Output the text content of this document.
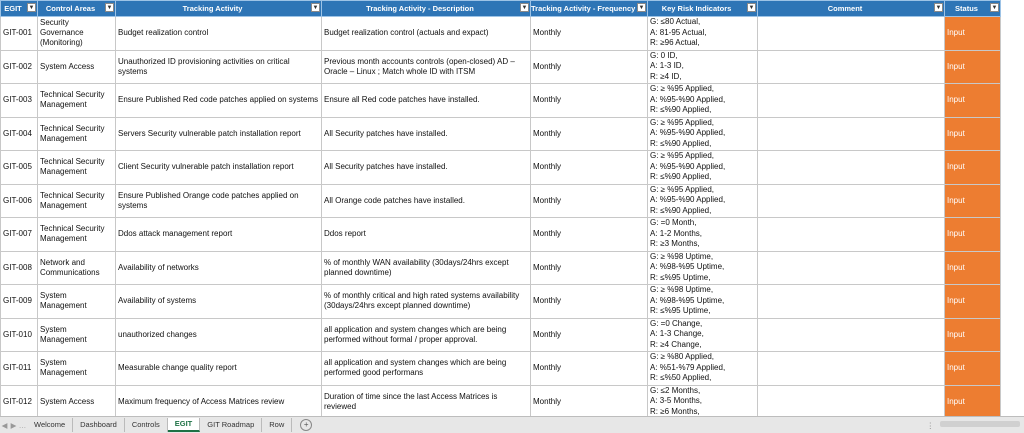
EGIT ▼	Control Areas ▼	Tracking Activity ▼	Tracking Activity - Description ▼	Tracking Activity - Frequency ▼	Key Risk Indicators ▼	Comment ▼	Status ▼

GIT-001	Security Governance (Monitoring)	Budget realization control	Budget realization control (actuals and expact)	Monthly	G: ≤80 Actual,
A: 81-95 Actual,
R: ≥96 Actual,		Input
GIT-002	System Access	Unauthorized ID provisioning activities on critical systems	Previous month accounts controls (open-closed) AD – Oracle – Linux ; Match whole ID with ITSM	Monthly	G: 0 ID,
A: 1-3 ID,
R: ≥4 ID,		Input
GIT-003	Technical Security Management	Ensure Published Red code patches applied on systems	Ensure all Red code patches have installed.	Monthly	G: ≥ %95 Applied,
A: %95-%90 Applied,
R: ≤%90 Applied,		Input
GIT-004	Technical Security Management	Servers Security vulnerable patch installation report	All Security patches have installed.	Monthly	G: ≥ %95 Applied,
A: %95-%90 Applied,
R: ≤%90 Applied,		Input
GIT-005	Technical Security Management	Client Security vulnerable patch installation report	All Security patches have installed.	Monthly	G: ≥ %95 Applied,
A: %95-%90 Applied,
R: ≤%90 Applied,		Input
GIT-006	Technical Security Management	Ensure Published Orange code patches applied on systems	All Orange code patches have installed.	Monthly	G: ≥ %95 Applied,
A: %95-%90 Applied,
R: ≤%90 Applied,		Input
GIT-007	Technical Security Management	Ddos attack management report	Ddos report	Monthly	G: =0 Month,
A: 1-2 Months,
R: ≥3 Months,		Input
GIT-008	Network and Communications	Availability of networks	% of monthly WAN availability (30days/24hrs except planned downtime)	Monthly	G: ≥ %98 Uptime,
A: %98-%95 Uptime,
R: ≤%95 Uptime,		Input
GIT-009	System Management	Availability of systems	% of monthly critical and high rated systems availability (30days/24hrs except planned downtime)	Monthly	G: ≥ %98 Uptime,
A: %98-%95 Uptime,
R: ≤%95 Uptime,		Input
GIT-010	System Management	unauthorized changes	all application and system changes which are being performed without formal / proper approval.	Monthly	G: =0 Change,
A: 1-3 Change,
R: ≥4 Change,		Input
GIT-011	System Management	Measurable change quality report	all application and system changes which are being performed good performans	Monthly	G: ≥ %80 Applied,
A: %51-%79 Applied,
R: ≤%50 Applied,		Input
GIT-012	System Access	Maximum frequency of Access Matrices review	Duration of time since the last Access Matrices is reviewed	Monthly	G: ≤2 Months,
A: 3-5 Months,
R: ≥6 Months,		Input

◀ ▶ …	Welcome	Dashboard	Controls	EGIT	GIT Roadmap	Row	+	⋮
